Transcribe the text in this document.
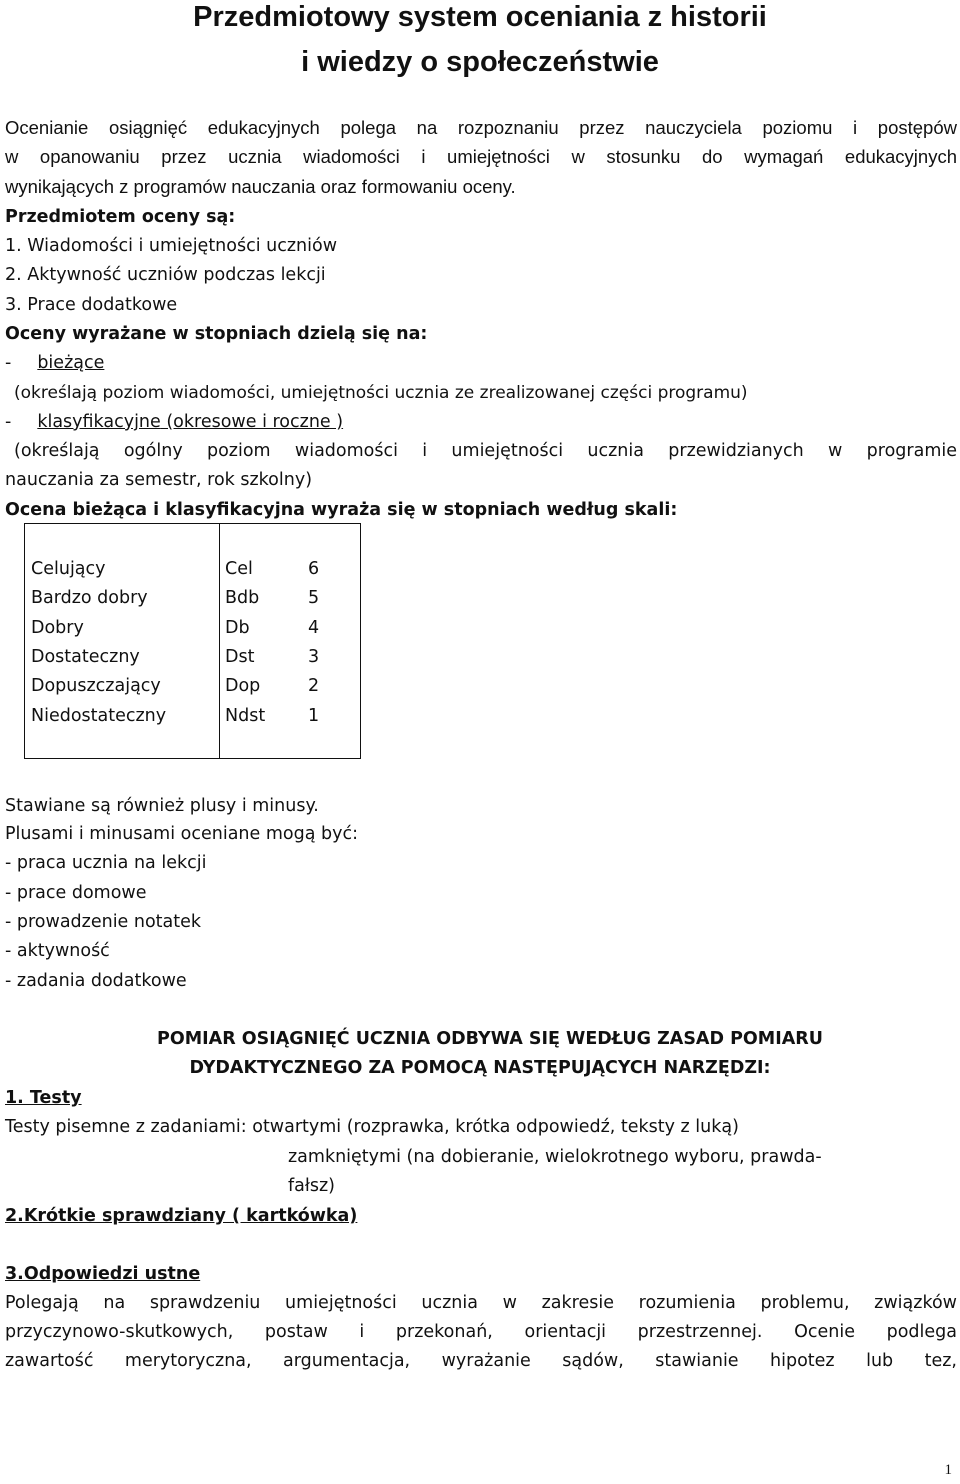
Przedmiotowy system oceniania z historii
i wiedzy o społeczeństwie
Ocenianie osiągnięć edukacyjnych polega na rozpoznaniu przez nauczyciela poziomu i postępów
w opanowaniu przez ucznia wiadomości i umiejętności w stosunku do wymagań edukacyjnych
wynikających z programów nauczania oraz formowaniu oceny.
Przedmiotem oceny są:
1. Wiadomości i umiejętności uczniów
2. Aktywność uczniów podczas lekcji
3. Prace dodatkowe
Oceny wyrażane w stopniach dzielą się na:
- bieżące
(określają poziom wiadomości, umiejętności ucznia ze zrealizowanej części programu)
- klasyfikacyjne (okresowe i roczne )
(określają ogólny poziom wiadomości i umiejętności ucznia przewidzianych w programie
nauczania za semestr, rok szkolny)
Ocena bieżąca i klasyfikacyjna wyraża się w stopniach według skali:
Celujący	Cel	6
Bardzo dobry	Bdb	5
Dobry	Db	4
Dostateczny	Dst	3
Dopuszczający	Dop	2
Niedostateczny	Ndst 1
Stawiane są również plusy i minusy.
Plusami i minusami oceniane mogą być:
- praca ucznia na lekcji
- prace domowe
- prowadzenie notatek
- aktywność
- zadania dodatkowe
POMIAR OSIĄGNIĘĆ UCZNIA ODBYWA SIĘ WEDŁUG ZASAD POMIARU
DYDAKTYCZNEGO ZA POMOCĄ NASTĘPUJĄCYCH NARZĘDZI:
1. Testy
Testy pisemne z zadaniami: otwartymi (rozprawka, krótka odpowiedź, teksty z luką)
zamkniętymi (na dobieranie, wielokrotnego wyboru, prawda-
fałsz)
2.Krótkie sprawdziany ( kartkówka)
3.Odpowiedzi ustne
Polegają na sprawdzeniu umiejętności ucznia w zakresie rozumienia problemu, związków
przyczynowo-skutkowych, postaw i przekonań, orientacji przestrzennej. Ocenie podlega
zawartość merytoryczna, argumentacja, wyrażanie sądów, stawianie hipotez lub tez,
1
